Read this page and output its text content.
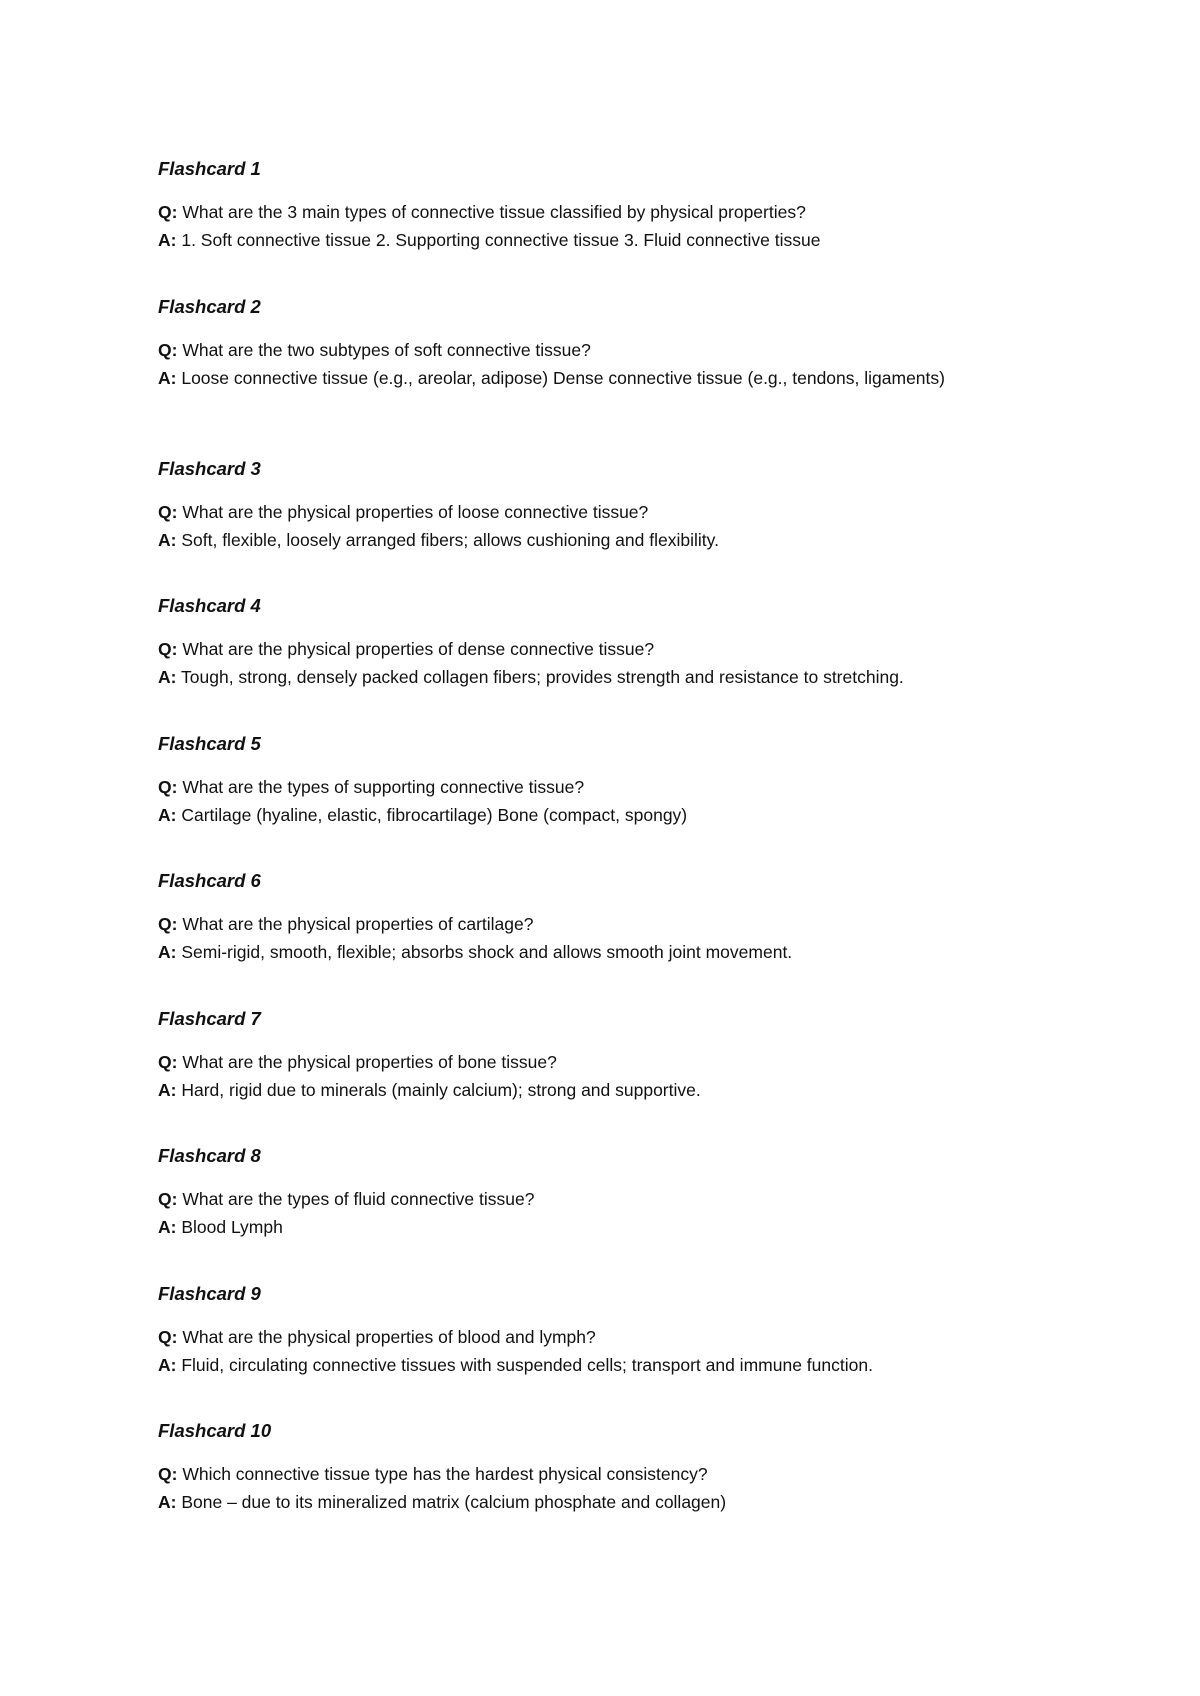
Flashcard 1

Q: What are the 3 main types of connective tissue classified by physical properties?

A: 1. Soft connective tissue 2. Supporting connective tissue 3. Fluid connective tissue

Flashcard 2

Q: What are the two subtypes of soft connective tissue?

A: Loose connective tissue (e.g., areolar, adipose) Dense connective tissue (e.g., tendons, ligaments)

Flashcard 3

Q: What are the physical properties of loose connective tissue?

A: Soft, flexible, loosely arranged fibers; allows cushioning and flexibility.

Flashcard 4

Q: What are the physical properties of dense connective tissue?

A: Tough, strong, densely packed collagen fibers; provides strength and resistance to stretching.

Flashcard 5

Q: What are the types of supporting connective tissue?

A: Cartilage (hyaline, elastic, fibrocartilage) Bone (compact, spongy)

Flashcard 6

Q: What are the physical properties of cartilage?

A: Semi-rigid, smooth, flexible; absorbs shock and allows smooth joint movement.

Flashcard 7

Q: What are the physical properties of bone tissue?

A: Hard, rigid due to minerals (mainly calcium); strong and supportive.

Flashcard 8

Q: What are the types of fluid connective tissue?

A: Blood Lymph

Flashcard 9

Q: What are the physical properties of blood and lymph?

A: Fluid, circulating connective tissues with suspended cells; transport and immune function.

Flashcard 10

Q: Which connective tissue type has the hardest physical consistency?

A: Bone – due to its mineralized matrix (calcium phosphate and collagen)
